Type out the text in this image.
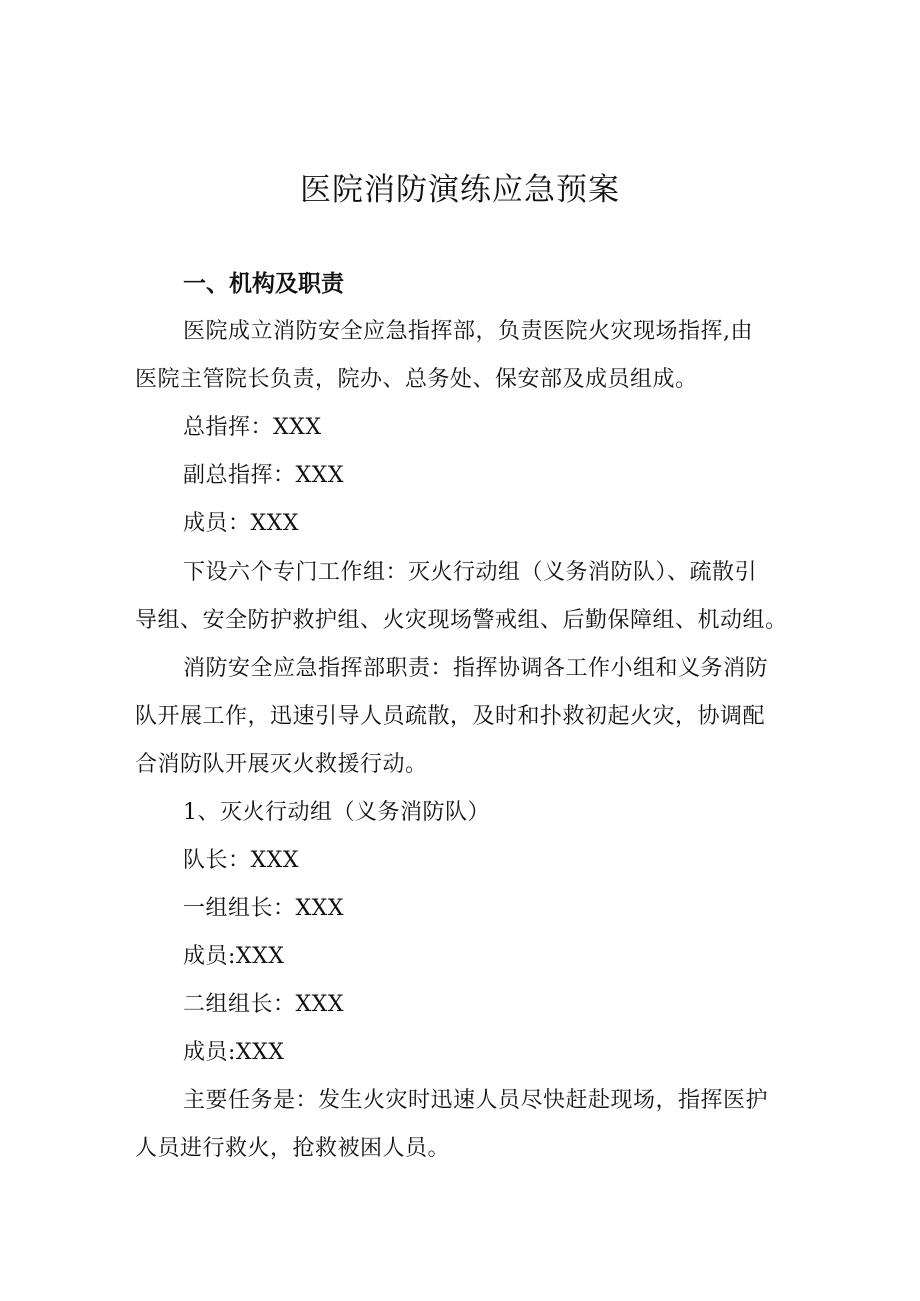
医院消防演练应急预案
一、机构及职责
医院成立消防安全应急指挥部，负责医院火灾现场指挥,由
医院主管院长负责，院办、总务处、保安部及成员组成。
总指挥：XXX
副总指挥：XXX
成员：XXX
下设六个专门工作组：灭火行动组（义务消防队）、疏散引
导组、安全防护救护组、火灾现场警戒组、后勤保障组、机动组。
消防安全应急指挥部职责：指挥协调各工作小组和义务消防
队开展工作，迅速引导人员疏散，及时和扑救初起火灾，协调配
合消防队开展灭火救援行动。
1、灭火行动组（义务消防队）
队长：XXX
一组组长：XXX
成员:XXX
二组组长：XXX
成员:XXX
主要任务是：发生火灾时迅速人员尽快赶赴现场，指挥医护
人员进行救火，抢救被困人员。
